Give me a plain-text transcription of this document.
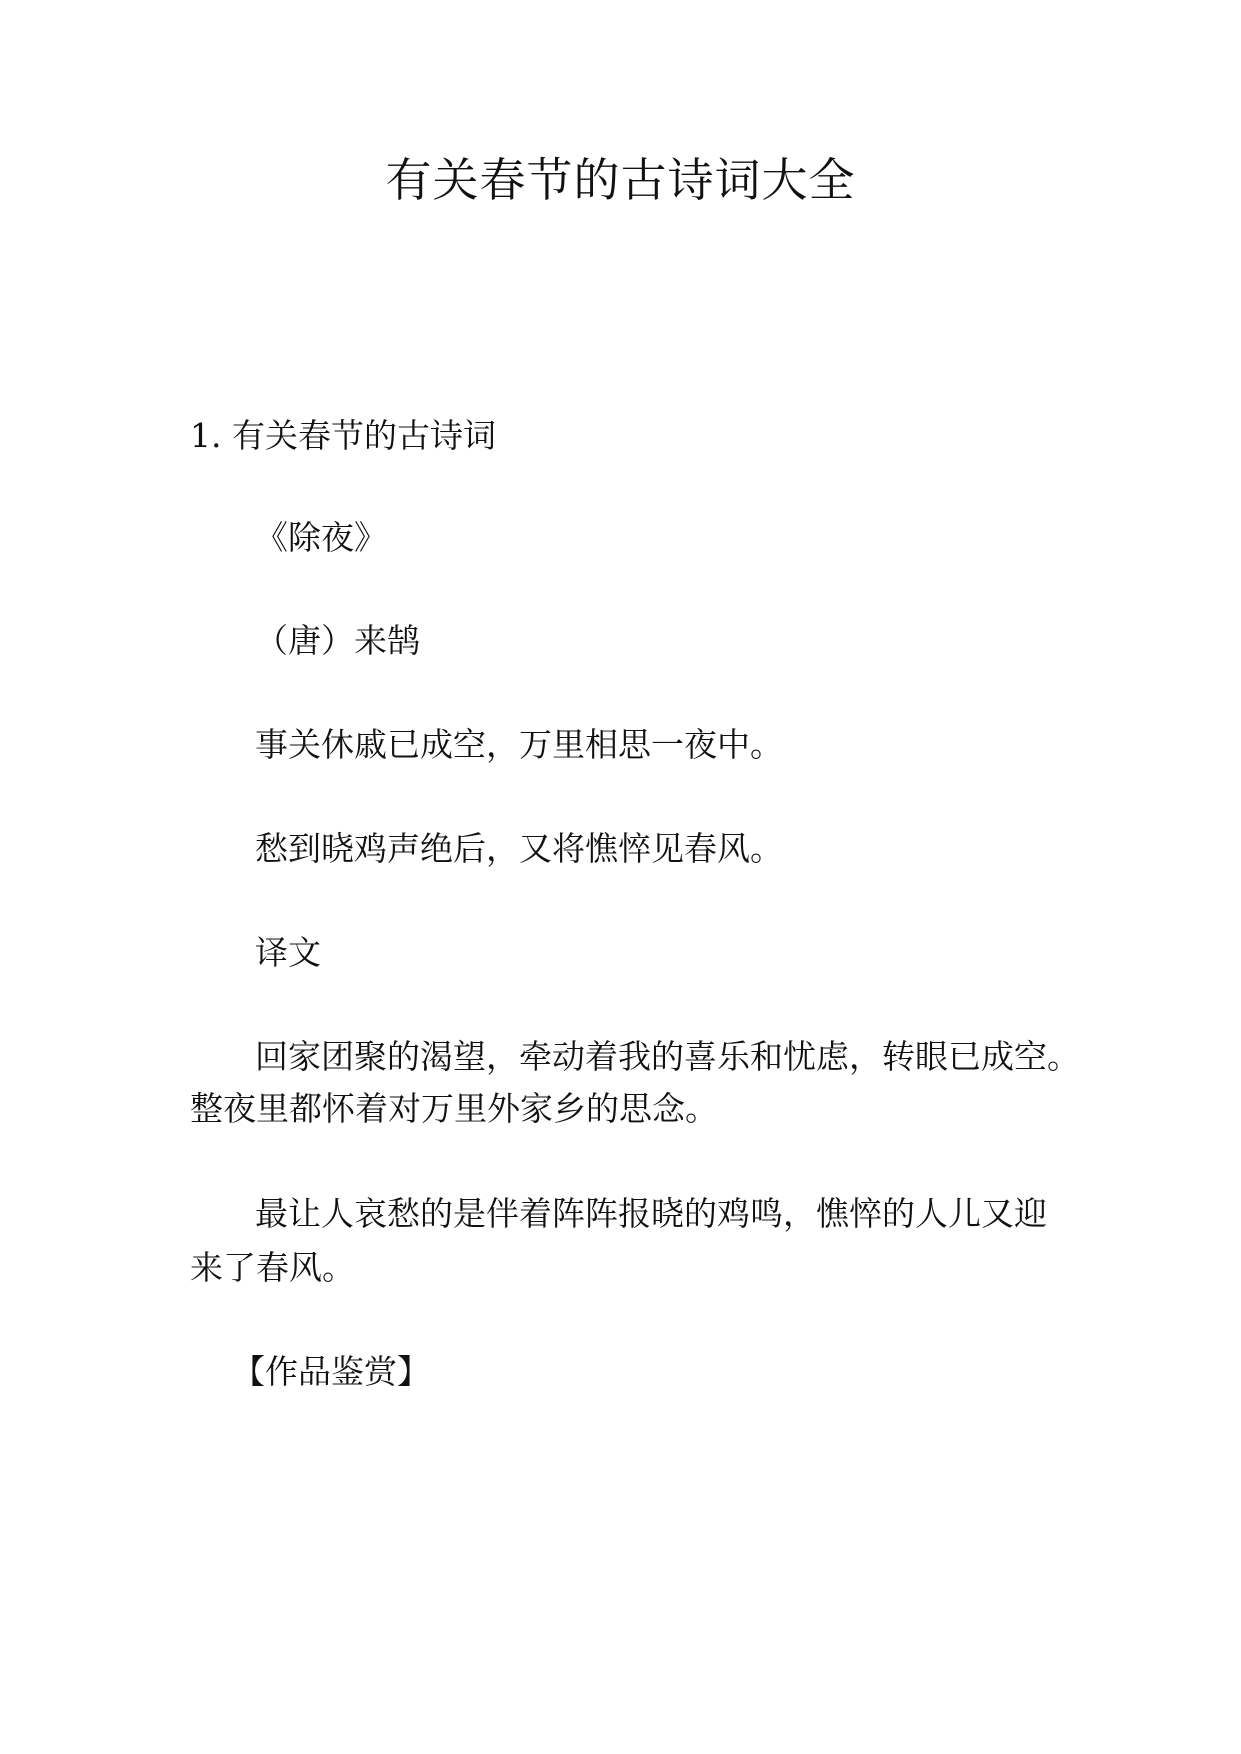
有关春节的古诗词大全
1. 有关春节的古诗词
《除夜》
（唐）来鹄
事关休戚已成空，万里相思一夜中。
愁到晓鸡声绝后，又将憔悴见春风。
译文
回家团聚的渴望，牵动着我的喜乐和忧虑，转眼已成空。
整夜里都怀着对万里外家乡的思念。
最让人哀愁的是伴着阵阵报晓的鸡鸣，憔悴的人儿又迎
来了春风。
【作品鉴赏】
